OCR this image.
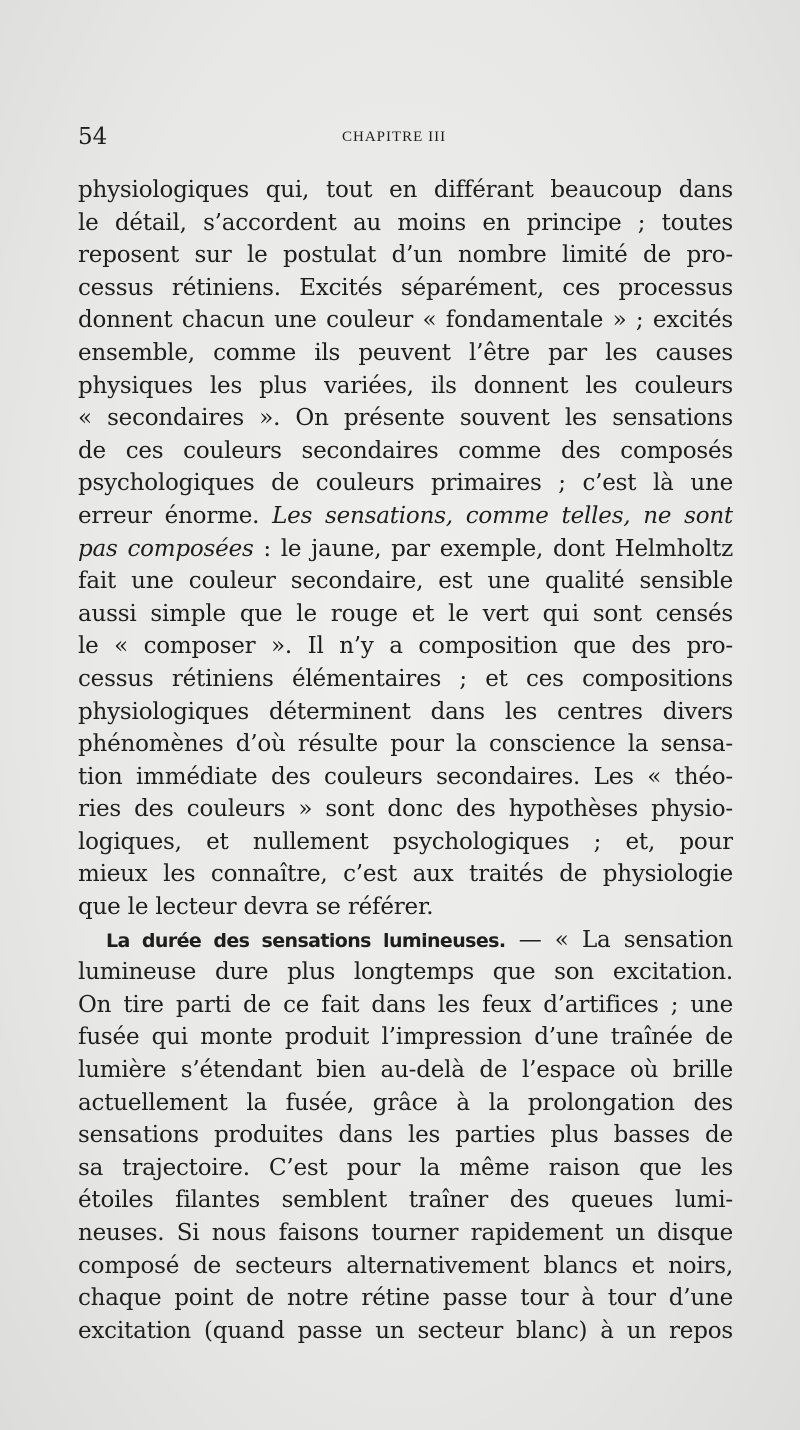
54	CHAPITRE III
physiologiques qui, tout en différant beaucoup dans
le détail, s’accordent au moins en principe ; toutes
reposent sur le postulat d’un nombre limité de pro-
cessus rétiniens. Excités séparément, ces processus
donnent chacun une couleur « fondamentale » ; excités
ensemble, comme ils peuvent l’être par les causes
physiques les plus variées, ils donnent les couleurs
« secondaires ». On présente souvent les sensations
de ces couleurs secondaires comme des composés
psychologiques de couleurs primaires ; c’est là une
erreur énorme. Les sensations, comme telles, ne sont
pas composées : le jaune, par exemple, dont Helmholtz
fait une couleur secondaire, est une qualité sensible
aussi simple que le rouge et le vert qui sont censés
le « composer ». Il n’y a composition que des pro-
cessus rétiniens élémentaires ; et ces compositions
physiologiques déterminent dans les centres divers
phénomènes d’où résulte pour la conscience la sensa-
tion immédiate des couleurs secondaires. Les « théo-
ries des couleurs » sont donc des hypothèses physio-
logiques, et nullement psychologiques ; et, pour
mieux les connaître, c’est aux traités de physiologie
que le lecteur devra se référer.
La durée des sensations lumineuses. — « La sensation
lumineuse dure plus longtemps que son excitation.
On tire parti de ce fait dans les feux d’artifices ; une
fusée qui monte produit l’impression d’une traînée de
lumière s’étendant bien au-delà de l’espace où brille
actuellement la fusée, grâce à la prolongation des
sensations produites dans les parties plus basses de
sa trajectoire. C’est pour la même raison que les
étoiles filantes semblent traîner des queues lumi-
neuses. Si nous faisons tourner rapidement un disque
composé de secteurs alternativement blancs et noirs,
chaque point de notre rétine passe tour à tour d’une
excitation (quand passe un secteur blanc) à un repos
